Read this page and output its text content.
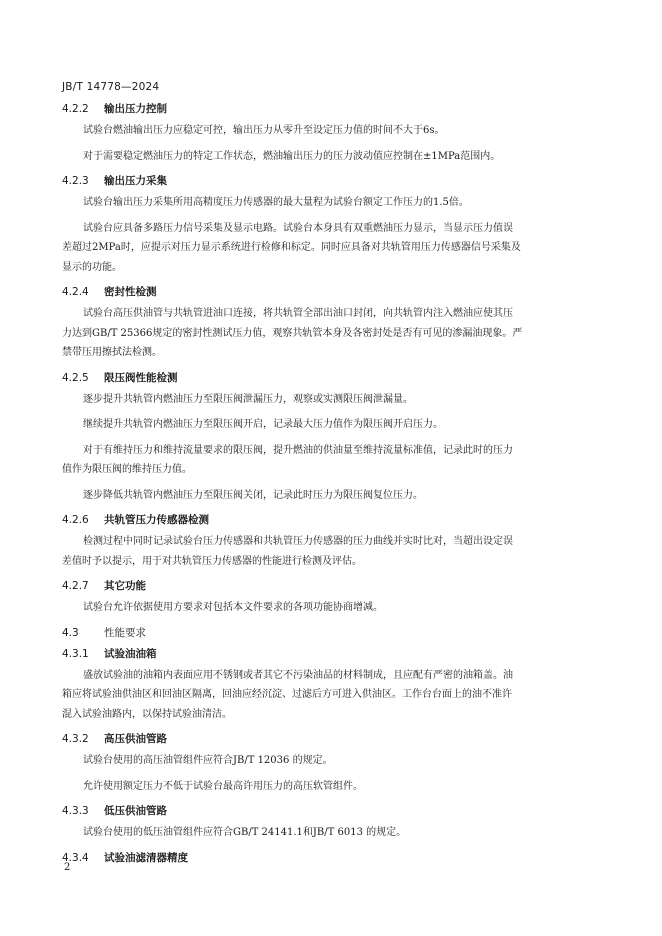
JB/T 14778—2024
4.2.2 输出压力控制
试验台燃油输出压力应稳定可控，输出压力从零升至设定压力值的时间不大于6s。
对于需要稳定燃油压力的特定工作状态，燃油输出压力的压力波动值应控制在±1MPa范围内。
4.2.3 输出压力采集
试验台输出压力采集所用高精度压力传感器的最大量程为试验台额定工作压力的1.5倍。
试验台应具备多路压力信号采集及显示电路。试验台本身具有双重燃油压力显示，当显示压力值误
差超过2MPa时，应提示对压力显示系统进行检修和标定。同时应具备对共轨管用压力传感器信号采集及
显示的功能。
4.2.4 密封性检测
试验台高压供油管与共轨管进油口连接，将共轨管全部出油口封闭，向共轨管内注入燃油应使其压
力达到GB/T 25366规定的密封性测试压力值，观察共轨管本身及各密封处是否有可见的渗漏油现象。严
禁带压用擦拭法检测。
4.2.5 限压阀性能检测
逐步提升共轨管内燃油压力至限压阀泄漏压力，观察或实测限压阀泄漏量。
继续提升共轨管内燃油压力至限压阀开启，记录最大压力值作为限压阀开启压力。
对于有维持压力和维持流量要求的限压阀，提升燃油的供油量至维持流量标准值，记录此时的压力
值作为限压阀的维持压力值。
逐步降低共轨管内燃油压力至限压阀关闭，记录此时压力为限压阀复位压力。
4.2.6 共轨管压力传感器检测
检测过程中同时记录试验台压力传感器和共轨管压力传感器的压力曲线并实时比对，当超出设定误
差值时予以提示，用于对共轨管压力传感器的性能进行检测及评估。
4.2.7 其它功能
试验台允许依据使用方要求对包括本文件要求的各项功能协商增减。
4.3 性能要求
4.3.1 试验油油箱
盛放试验油的油箱内表面应用不锈钢或者其它不污染油品的材料制成，且应配有严密的油箱盖。油
箱应将试验油供油区和回油区隔离，回油应经沉淀、过滤后方可进入供油区。工作台台面上的油不准许
混入试验油路内，以保持试验油清洁。
4.3.2 高压供油管路
试验台使用的高压油管组件应符合JB/T 12036 的规定。
允许使用额定压力不低于试验台最高许用压力的高压软管组件。
4.3.3 低压供油管路
试验台使用的低压油管组件应符合GB/T 24141.1和JB/T 6013 的规定。
4.3.4 试验油滤清器精度
2
